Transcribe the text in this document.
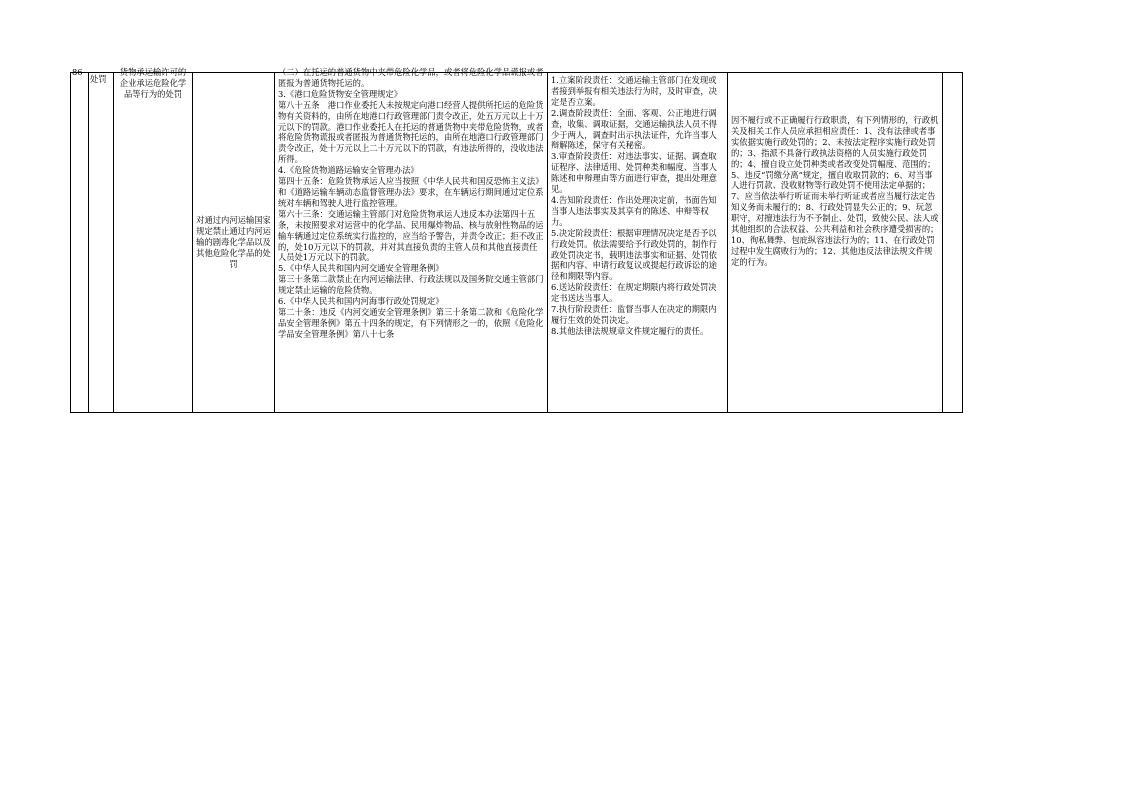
86

处罚

货物承运输许可的企业承运危险化学品等行为的处罚

对通过内河运输国家规定禁止通过内河运输的剧毒化学品以及其他危险化学品的处罚

（二）在托运的普通货物中夹带危险化学品，或者将危险化学品谎报或者匿报为普通货物托运的。
3.《港口危险货物安全管理规定》
第八十五条　港口作业委托人未按规定向港口经营人提供所托运的危险货物有关资料的，由所在地港口行政管理部门责令改正，处五万元以上十万元以下的罚款。港口作业委托人在托运的普通货物中夹带危险货物，或者将危险货物谎报或者匿报为普通货物托运的，由所在地港口行政管理部门责令改正，处十万元以上二十万元以下的罚款，有违法所得的，没收违法所得。
4.《危险货物道路运输安全管理办法》
第四十五条：危险货物承运人应当按照《中华人民共和国反恐怖主义法》和《道路运输车辆动态监督管理办法》要求，在车辆运行期间通过定位系统对车辆和驾驶人进行监控管理。
第六十三条：交通运输主管部门对危险货物承运人违反本办法第四十五条，未按照要求对运营中的化学品、民用爆炸物品、核与放射性物品的运输车辆通过定位系统实行监控的，应当给予警告，并责令改正；拒不改正的，处10万元以下的罚款，并对其直接负责的主管人员和其他直接责任人员处1万元以下的罚款。
5.《中华人民共和国内河交通安全管理条例》
第三十条第二款禁止在内河运输法律、行政法规以及国务院交通主管部门规定禁止运输的危险货物。
6.《中华人民共和国内河海事行政处罚规定》
第二十条：违反《内河交通安全管理条例》第三十条第二款和《危险化学品安全管理条例》第五十四条的规定，有下列情形之一的，依照《危险化学品安全管理条例》第八十七条

1.立案阶段责任：交通运输主管部门在发现或者接到举报有相关违法行为时，及时审查，决定是否立案。
2.调查阶段责任：全面、客观、公正地进行调查，收集、调取证据，交通运输执法人员不得少于两人，调查时出示执法证件，允许当事人辩解陈述，保守有关秘密。
3.审查阶段责任：对违法事实、证据、调查取证程序、法律适用、处罚种类和幅度、当事人陈述和申辩理由等方面进行审查，提出处理意见。
4.告知阶段责任：作出处理决定前，书面告知当事人违法事实及其享有的陈述、申辩等权力。
5.决定阶段责任：根据审理情况决定是否予以行政处罚。依法需要给予行政处罚的，制作行政处罚决定书，载明违法事实和证据、处罚依据和内容、申请行政复议或提起行政诉讼的途径和期限等内容。
6.送达阶段责任：在规定期限内将行政处罚决定书送达当事人。
7.执行阶段责任：监督当事人在决定的期限内履行生效的处罚决定。
8.其他法律法规规章文件规定履行的责任。

因不履行或不正确履行行政职责，有下列情形的，行政机关及相关工作人员应承担相应责任：1、没有法律或者事实依据实施行政处罚的；2、未按法定程序实施行政处罚的；3、指派不具备行政执法资格的人员实施行政处罚的；4、擅自设立处罚种类或者改变处罚幅度、范围的；5、违反“罚缴分离”规定，擅自收取罚款的；6、对当事人进行罚款、没收财物等行政处罚不使用法定单据的；7、应当依法举行听证而未举行听证或者应当履行法定告知义务而未履行的；8、行政处罚显失公正的；9、玩忽职守，对擅违法行为不予制止、处罚，致使公民、法人或其他组织的合法权益、公共利益和社会秩序遭受损害的；10、徇私舞弊、包庇纵容违法行为的；11、在行政处罚过程中发生腐败行为的；12、其他违反法律法规文件规定的行为。
